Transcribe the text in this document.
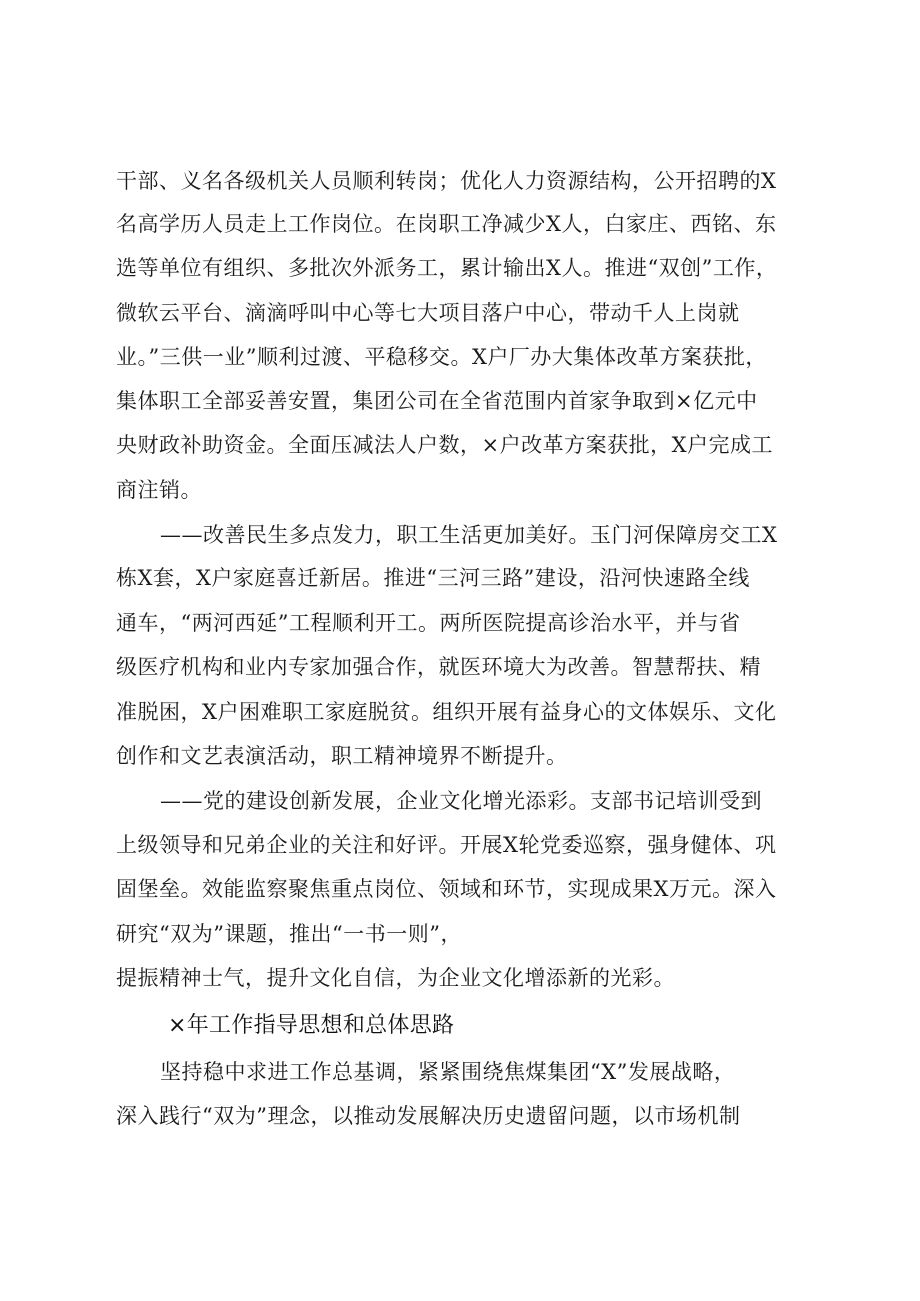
干部、义名各级机关人员顺利转岗；优化人力资源结构，公开招聘的X
名高学历人员走上工作岗位。在岗职工净减少X人，白家庄、西铭、东
选等单位有组织、多批次外派务工，累计输出X人。推进“双创”工作，
微软云平台、滴滴呼叫中心等七大项目落户中心，带动千人上岗就
业。”三供一业”顺利过渡、平稳移交。X户厂办大集体改革方案获批，
集体职工全部妥善安置，集团公司在全省范围内首家争取到×亿元中
央财政补助资金。全面压减法人户数，×户改革方案获批，X户完成工
商注销。
——改善民生多点发力，职工生活更加美好。玉门河保障房交工X
栋X套，X户家庭喜迁新居。推进“三河三路”建设，沿河快速路全线
通车，“两河西延”工程顺利开工。两所医院提高诊治水平，并与省
级医疗机构和业内专家加强合作，就医环境大为改善。智慧帮扶、精
准脱困，X户困难职工家庭脱贫。组织开展有益身心的文体娱乐、文化
创作和文艺表演活动，职工精神境界不断提升。
——党的建设创新发展，企业文化增光添彩。支部书记培训受到
上级领导和兄弟企业的关注和好评。开展X轮党委巡察，强身健体、巩
固堡垒。效能监察聚焦重点岗位、领域和环节，实现成果X万元。深入
研究“双为”课题，推出“一书一则”，
提振精神士气，提升文化自信，为企业文化增添新的光彩。
×年工作指导思想和总体思路
坚持稳中求进工作总基调，紧紧围绕焦煤集团“X”发展战略，
深入践行“双为”理念，以推动发展解决历史遗留问题，以市场机制
